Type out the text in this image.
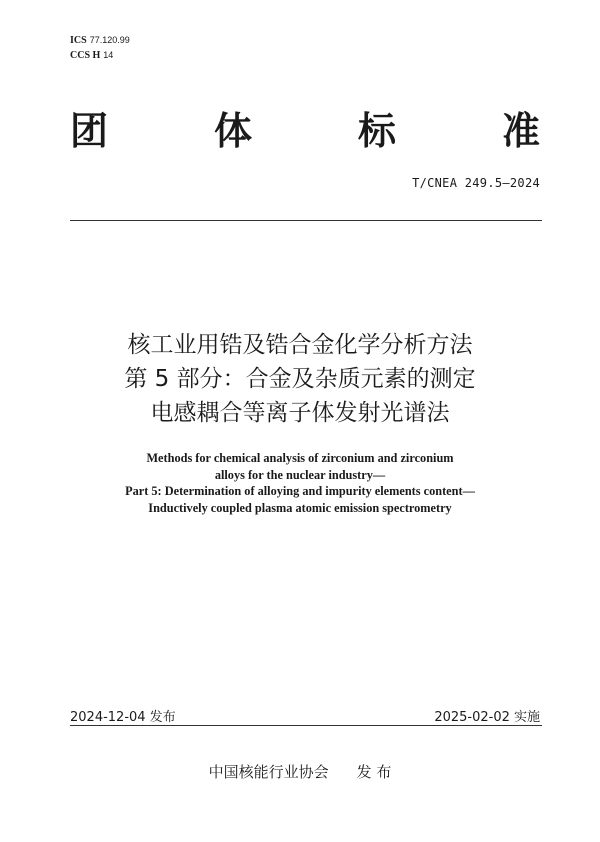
ICS 77.120.99
CCS H 14
团	体	标	准
T/CNEA 249.5—2024
核工业用锆及锆合金化学分析方法
第 5 部分：合金及杂质元素的测定
电感耦合等离子体发射光谱法
Methods for chemical analysis of zirconium and zirconium
alloys for the nuclear industry—
Part 5: Determination of alloying and impurity elements content—
Inductively coupled plasma atomic emission spectrometry
2024-12-04 发布	2025-02-02 实施
中国核能行业协会 发 布
